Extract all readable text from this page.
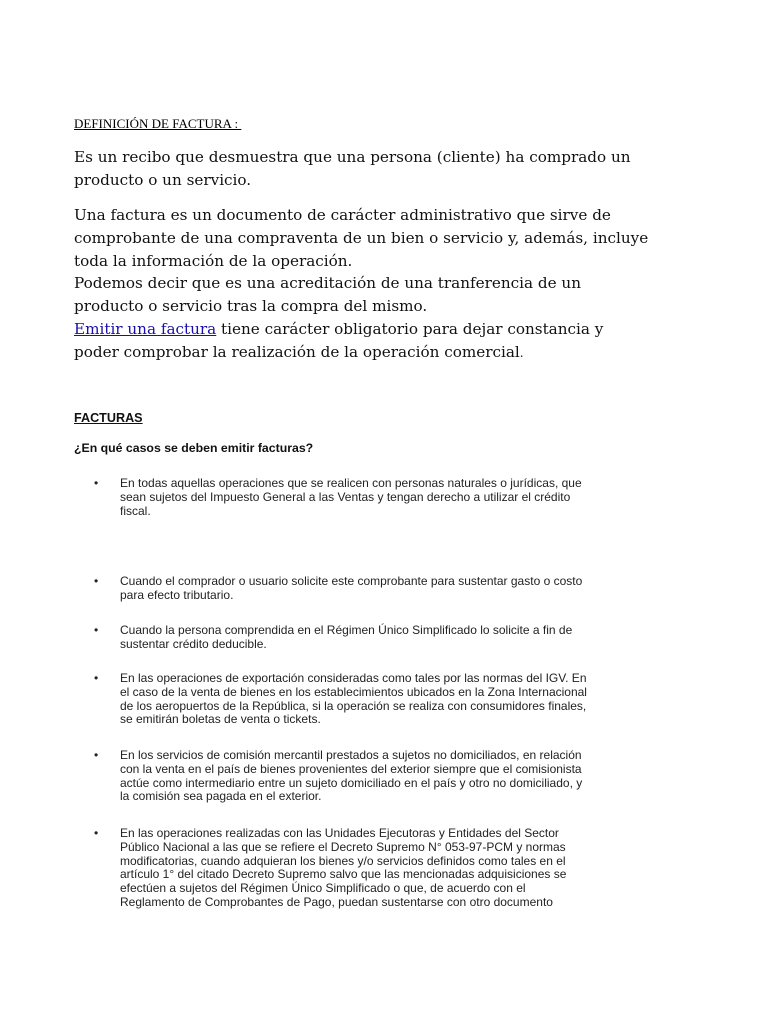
DEFINICIÓN DE FACTURA :

Es un recibo que desmuestra que una persona (cliente) ha comprado un
producto o un servicio.

Una factura es un documento de carácter administrativo que sirve de
comprobante de una compraventa de un bien o servicio y, además, incluye
toda la información de la operación.
Podemos decir que es una acreditación de una tranferencia de un
producto o servicio tras la compra del mismo.
Emitir una factura tiene carácter obligatorio para dejar constancia y
poder comprobar la realización de la operación comercial.

FACTURAS

¿En qué casos se deben emitir facturas?

• En todas aquellas operaciones que se realicen con personas naturales o jurídicas, que
sean sujetos del Impuesto General a las Ventas y tengan derecho a utilizar el crédito
fiscal.
• Cuando el comprador o usuario solicite este comprobante para sustentar gasto o costo
para efecto tributario.
• Cuando la persona comprendida en el Régimen Único Simplificado lo solicite a fin de
sustentar crédito deducible.
• En las operaciones de exportación consideradas como tales por las normas del IGV. En
el caso de la venta de bienes en los establecimientos ubicados en la Zona Internacional
de los aeropuertos de la República, si la operación se realiza con consumidores finales,
se emitirán boletas de venta o tickets.
• En los servicios de comisión mercantil prestados a sujetos no domiciliados, en relación
con la venta en el país de bienes provenientes del exterior siempre que el comisionista
actúe como intermediario entre un sujeto domiciliado en el país y otro no domiciliado, y
la comisión sea pagada en el exterior.
• En las operaciones realizadas con las Unidades Ejecutoras y Entidades del Sector
Público Nacional a las que se refiere el Decreto Supremo N° 053-97-PCM y normas
modificatorias, cuando adquieran los bienes y/o servicios definidos como tales en el
artículo 1° del citado Decreto Supremo salvo que las mencionadas adquisiciones se
efectúen a sujetos del Régimen Único Simplificado o que, de acuerdo con el
Reglamento de Comprobantes de Pago, puedan sustentarse con otro documento
